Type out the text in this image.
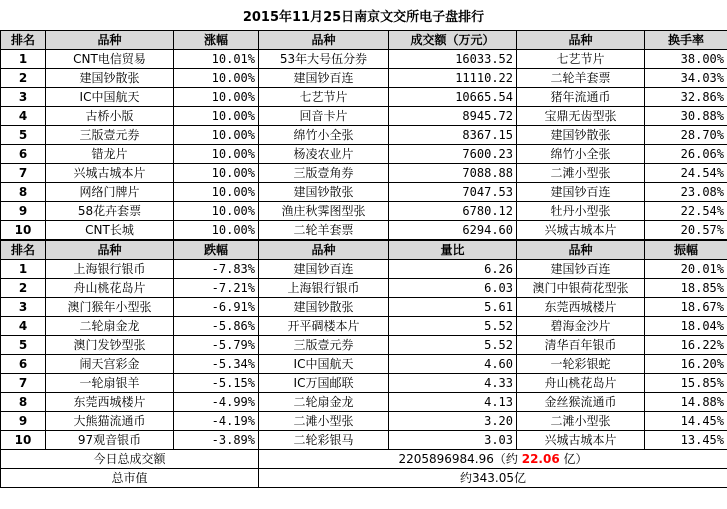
2015年11月25日南京文交所电子盘排行
排名	品种	涨幅	品种	成交额（万元）	品种	换手率
1	CNT电信贸易	10.01%	53年大号伍分券	16033.52	七艺节片	38.00%
2	建国钞散张	10.00%	建国钞百连	11110.22	二轮羊套票	34.03%
3	IC中国航天	10.00%	七艺节片	10665.54	猪年流通币	32.86%
4	古桥小版	10.00%	回音卡片	8945.72	宝鼎无齿型张	30.88%
5	三版壹元券	10.00%	绵竹小全张	8367.15	建国钞散张	28.70%
6	错龙片	10.00%	杨凌农业片	7600.23	绵竹小全张	26.06%
7	兴城古城本片	10.00%	三版壹角券	7088.88	二滩小型张	24.54%
8	网络门牌片	10.00%	建国钞散张	7047.53	建国钞百连	23.08%
9	58花卉套票	10.00%	渔庄秋霁图型张	6780.12	牡丹小型张	22.54%
10	CNT长城	10.00%	二轮羊套票	6294.60	兴城古城本片	20.57%
排名	品种	跌幅	品种	量比	品种	振幅
1	上海银行银币	-7.83%	建国钞百连	6.26	建国钞百连	20.01%
2	舟山桃花岛片	-7.21%	上海银行银币	6.03	澳门中银荷花型张	18.85%
3	澳门猴年小型张	-6.91%	建国钞散张	5.61	东莞西城楼片	18.67%
4	二轮扇金龙	-5.86%	开平碉楼本片	5.52	碧海金沙片	18.04%
5	澳门发钞型张	-5.79%	三版壹元券	5.52	清华百年银币	16.22%
6	闹天宫彩金	-5.34%	IC中国航天	4.60	一轮彩银蛇	16.20%
7	一轮扇银羊	-5.15%	IC万国邮联	4.33	舟山桃花岛片	15.85%
8	东莞西城楼片	-4.99%	二轮扇金龙	4.13	金丝猴流通币	14.88%
9	大熊猫流通币	-4.19%	二滩小型张	3.20	二滩小型张	14.45%
10	97观音银币	-3.89%	二轮彩银马	3.03	兴城古城本片	13.45%
今日总成交额			2205896984.96（约 22.06 亿）			
总市值			约343.05亿			
